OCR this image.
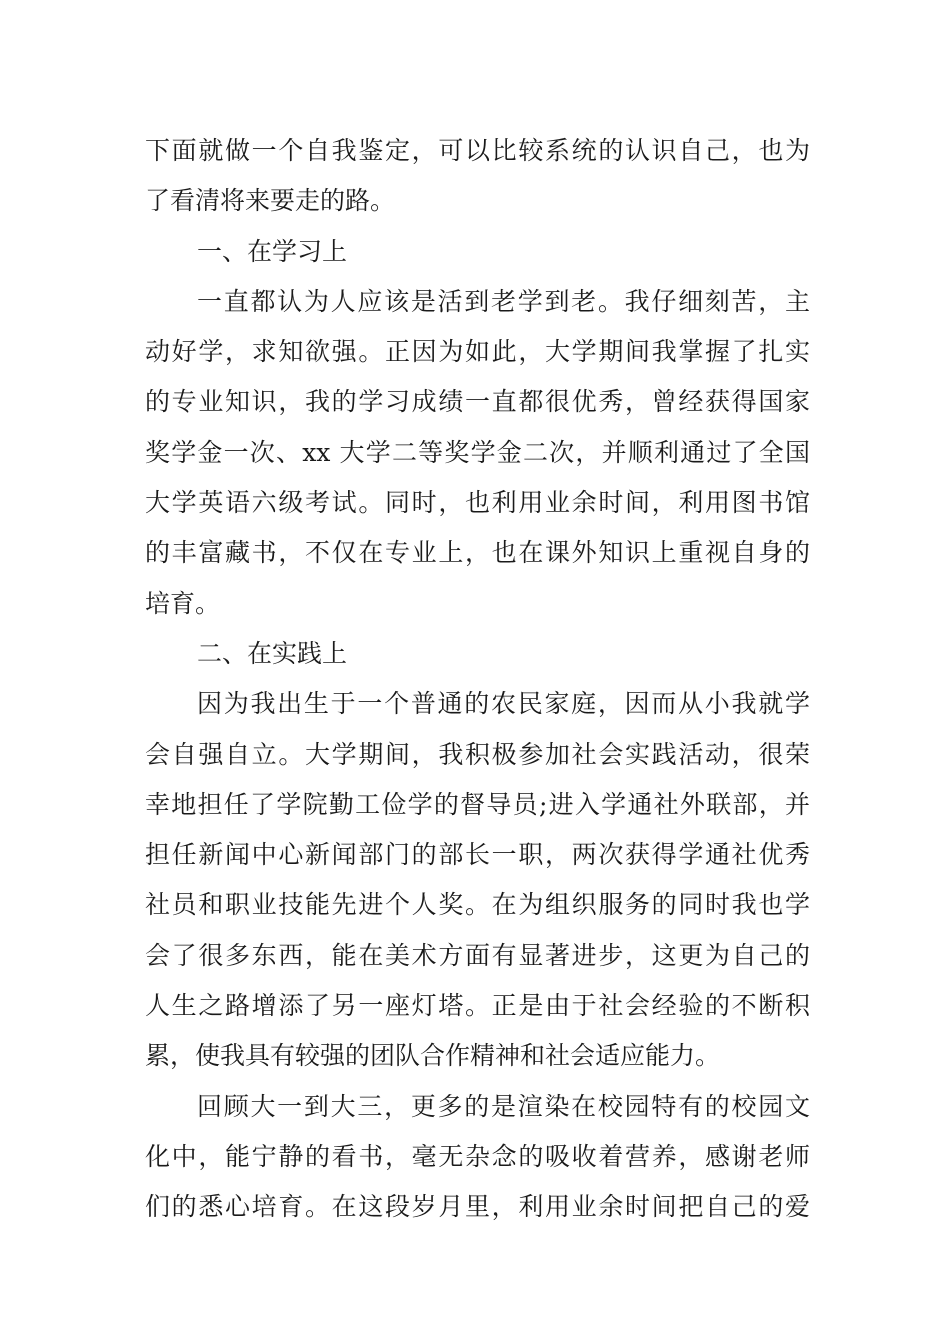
下面就做一个自我鉴定，可以比较系统的认识自己，也为
了看清将来要走的路。
一、在学习上
一直都认为人应该是活到老学到老。我仔细刻苦，主
动好学，求知欲强。正因为如此，大学期间我掌握了扎实
的专业知识，我的学习成绩一直都很优秀，曾经获得国家
奖学金一次、xx 大学二等奖学金二次，并顺利通过了全国
大学英语六级考试。同时，也利用业余时间，利用图书馆
的丰富藏书，不仅在专业上，也在课外知识上重视自身的
培育。
二、在实践上
因为我出生于一个普通的农民家庭，因而从小我就学
会自强自立。大学期间，我积极参加社会实践活动，很荣
幸地担任了学院勤工俭学的督导员;进入学通社外联部，并
担任新闻中心新闻部门的部长一职，两次获得学通社优秀
社员和职业技能先进个人奖。在为组织服务的同时我也学
会了很多东西，能在美术方面有显著进步，这更为自己的
人生之路增添了另一座灯塔。正是由于社会经验的不断积
累，使我具有较强的团队合作精神和社会适应能力。
回顾大一到大三，更多的是渲染在校园特有的校园文
化中，能宁静的看书，毫无杂念的吸收着营养，感谢老师
们的悉心培育。在这段岁月里，利用业余时间把自己的爱
